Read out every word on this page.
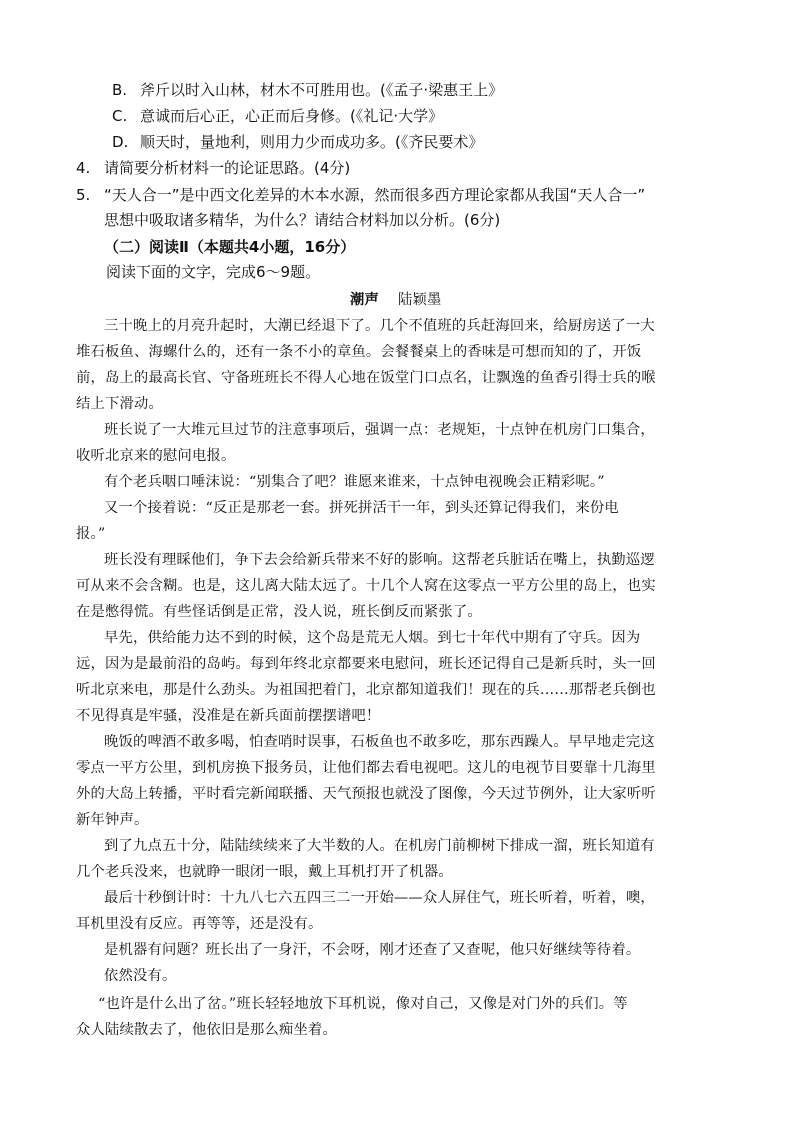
B. 斧斤以时入山林，材木不可胜用也。(《孟子·梁惠王上》
C. 意诚而后心正，心正而后身修。(《礼记·大学》
D. 顺天时，量地利，则用力少而成功多。(《齐民要术》
4. 请简要分析材料一的论证思路。(4分)
5. “天人合一”是中西文化差异的木本水源，然而很多西方理论家都从我国“天人合一”
思想中吸取诸多精华，为什么？请结合材料加以分析。(6分)
（二）阅读Ⅱ（本题共4小题，16分）
阅读下面的文字，完成6～9题。
潮声 陆颖墨
三十晚上的月亮升起时，大潮已经退下了。几个不值班的兵赶海回来，给厨房送了一大
堆石板鱼、海螺什么的，还有一条不小的章鱼。会餐餐桌上的香味是可想而知的了，开饭
前，岛上的最高长官、守备班班长不得人心地在饭堂门口点名，让飘逸的鱼香引得士兵的喉
结上下滑动。
班长说了一大堆元旦过节的注意事项后，强调一点：老规矩，十点钟在机房门口集合，
收听北京来的慰问电报。
有个老兵咽口唾沫说：“别集合了吧？谁愿来谁来，十点钟电视晚会正精彩呢。”
又一个接着说：“反正是那老一套。拼死拼活干一年，到头还算记得我们，来份电
报。”
班长没有理睬他们，争下去会给新兵带来不好的影响。这帮老兵脏话在嘴上，执勤巡逻
可从来不会含糊。也是，这儿离大陆太远了。十几个人窝在这零点一平方公里的岛上，也实
在是憋得慌。有些怪话倒是正常，没人说，班长倒反而紧张了。
早先，供给能力达不到的时候，这个岛是荒无人烟。到七十年代中期有了守兵。因为
远，因为是最前沿的岛屿。每到年终北京都要来电慰问，班长还记得自己是新兵时，头一回
听北京来电，那是什么劲头。为祖国把着门，北京都知道我们！现在的兵……那帮老兵倒也
不见得真是牢骚，没准是在新兵面前摆摆谱吧！
晚饭的啤酒不敢多喝，怕查哨时误事，石板鱼也不敢多吃，那东西躁人。早早地走完这
零点一平方公里，到机房换下报务员，让他们都去看电视吧。这儿的电视节目要靠十几海里
外的大岛上转播，平时看完新闻联播、天气预报也就没了图像，今天过节例外，让大家听听
新年钟声。
到了九点五十分，陆陆续续来了大半数的人。在机房门前柳树下排成一溜，班长知道有
几个老兵没来，也就睁一眼闭一眼，戴上耳机打开了机器。
最后十秒倒计时：十九八七六五四三二一开始——众人屏住气，班长听着，听着，噢，
耳机里没有反应。再等等，还是没有。
是机器有问题？班长出了一身汗，不会呀，刚才还查了又查呢，他只好继续等待着。
依然没有。
“也许是什么出了岔。”班长轻轻地放下耳机说，像对自己，又像是对门外的兵们。等
众人陆续散去了，他依旧是那么痴坐着。
